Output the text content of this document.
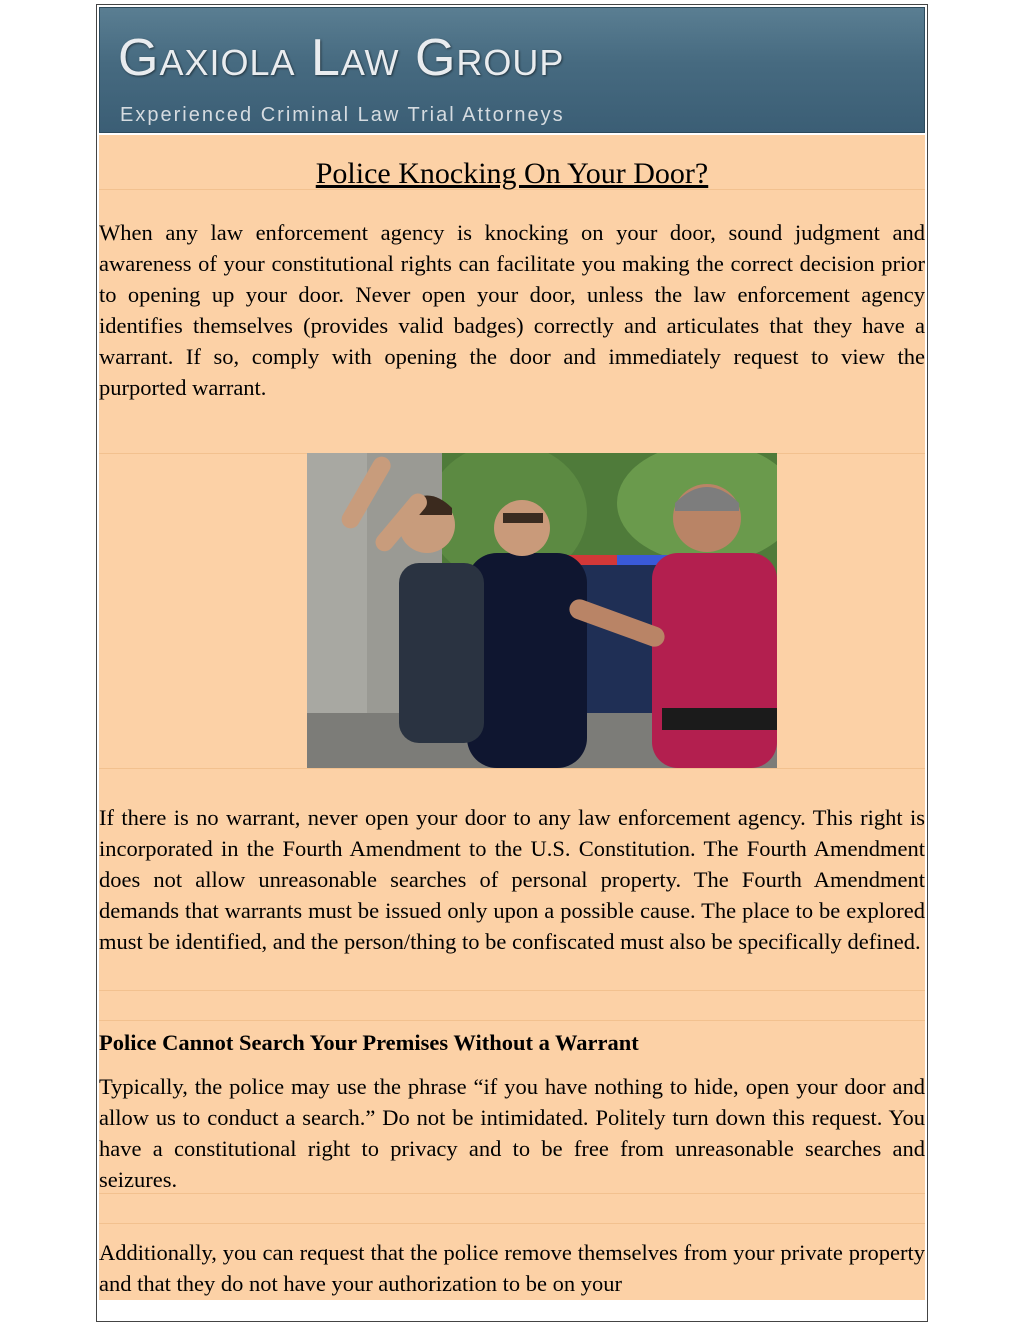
Gaxiola Law Group
Experienced Criminal Law Trial Attorneys
Police Knocking On Your Door?

When any law enforcement agency is knocking on your door, sound judgment and awareness of your constitutional rights can facilitate you making the correct decision prior to opening up your door. Never open your door, unless the law enforcement agency identifies themselves (provides valid badges) correctly and articulates that they have a warrant. If so, comply with opening the door and immediately request to view the purported warrant.

If there is no warrant, never open your door to any law enforcement agency. This right is incorporated in the Fourth Amendment to the U.S. Constitution. The Fourth Amendment does not allow unreasonable searches of personal property. The Fourth Amendment demands that warrants must be issued only upon a possible cause. The place to be explored must be identified, and the person/thing to be confiscated must also be specifically defined.

Police Cannot Search Your Premises Without a Warrant

Typically, the police may use the phrase “if you have nothing to hide, open your door and allow us to conduct a search.” Do not be intimidated. Politely turn down this request. You have a constitutional right to privacy and to be free from unreasonable searches and seizures.

Additionally, you can request that the police remove themselves from your private property and that they do not have your authorization to be on your
